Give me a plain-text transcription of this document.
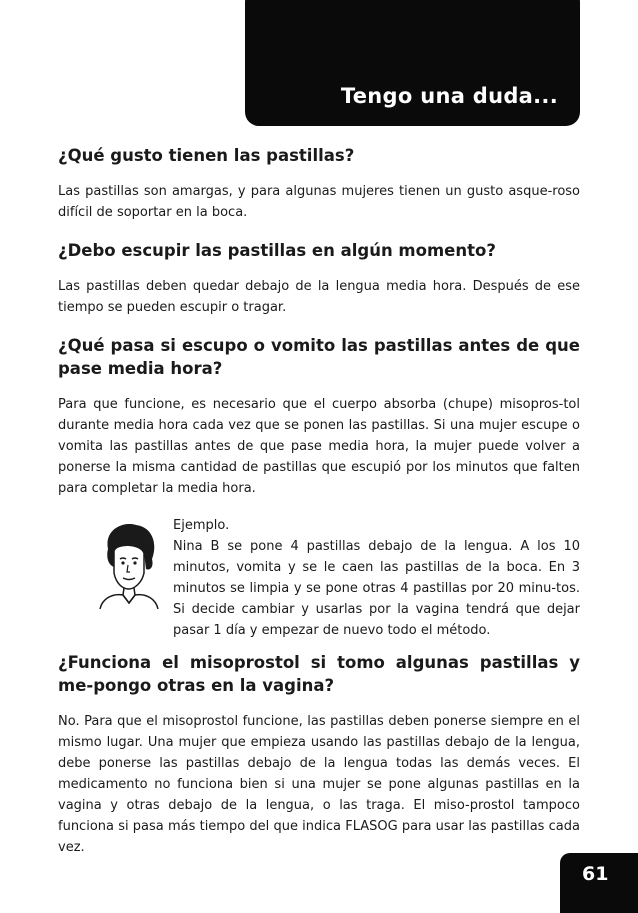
Tengo una duda...
¿Qué gusto tienen las pastillas?
Las pastillas son amargas, y para algunas mujeres tienen un gusto asque-roso difícil de soportar en la boca.
¿Debo escupir las pastillas en algún momento?
Las pastillas deben quedar debajo de la lengua media hora. Después de ese tiempo se pueden escupir o tragar.
¿Qué pasa si escupo o vomito las pastillas antes de que pase media hora?
Para que funcione, es necesario que el cuerpo absorba (chupe) misopros-tol durante media hora cada vez que se ponen las pastillas. Si una mujer escupe o vomita las pastillas antes de que pase media hora, la mujer puede volver a ponerse la misma cantidad de pastillas que escupió por los minutos que falten para completar la media hora.
Ejemplo.
Nina B se pone 4 pastillas debajo de la lengua. A los 10 minutos, vomita y se le caen las pastillas de la boca. En 3 minutos se limpia y se pone otras 4 pastillas por 20 minu-tos. Si decide cambiar y usarlas por la vagina tendrá que dejar pasar 1 día y empezar de nuevo todo el método.
¿Funciona el misoprostol si tomo algunas pastillas y me-pongo otras en la vagina?
No. Para que el misoprostol funcione, las pastillas deben ponerse siempre en el mismo lugar. Una mujer que empieza usando las pastillas debajo de la lengua, debe ponerse las pastillas debajo de la lengua todas las demás veces. El medicamento no funciona bien si una mujer se pone algunas pastillas en la vagina y otras debajo de la lengua, o las traga. El miso-prostol tampoco funciona si pasa más tiempo del que indica FLASOG para usar las pastillas cada vez.
61
